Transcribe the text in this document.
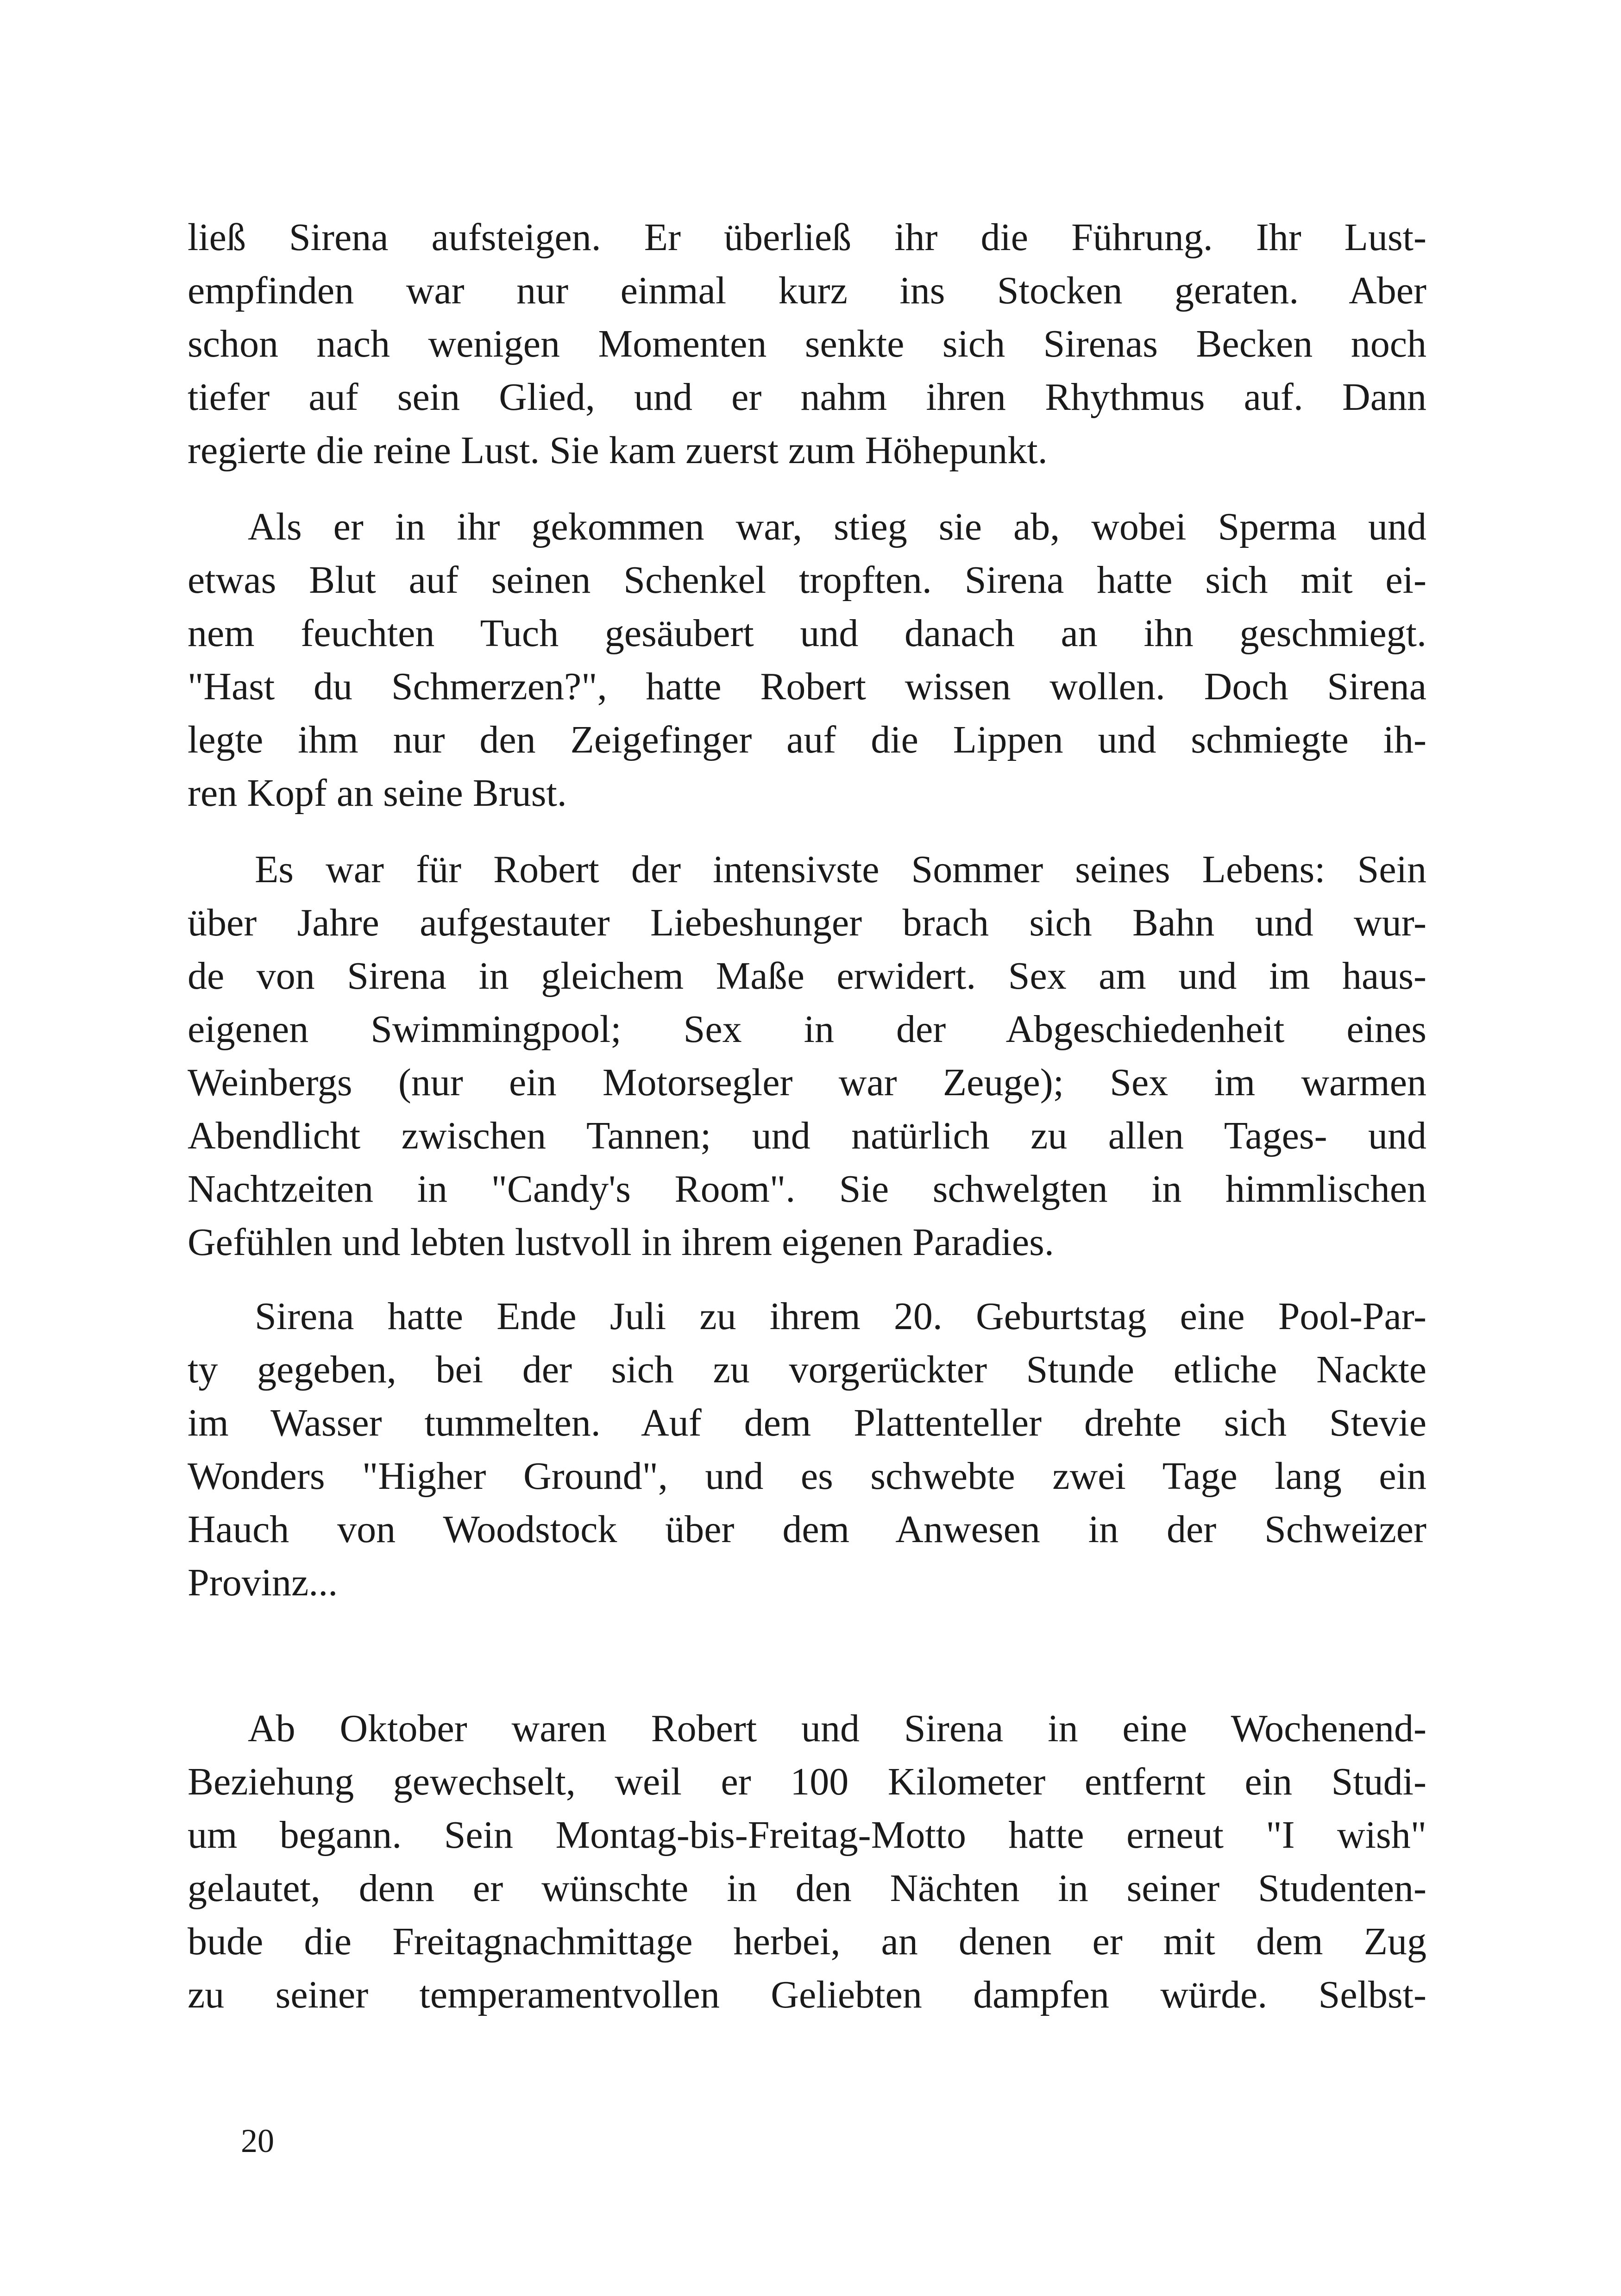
ließ Sirena aufsteigen. Er überließ ihr die Führung. Ihr Lust-
empfinden war nur einmal kurz ins Stocken geraten. Aber
schon nach wenigen Momenten senkte sich Sirenas Becken noch
tiefer auf sein Glied, und er nahm ihren Rhythmus auf. Dann
regierte die reine Lust. Sie kam zuerst zum Höhepunkt.
Als er in ihr gekommen war, stieg sie ab, wobei Sperma und
etwas Blut auf seinen Schenkel tropften. Sirena hatte sich mit ei-
nem feuchten Tuch gesäubert und danach an ihn geschmiegt.
"Hast du Schmerzen?", hatte Robert wissen wollen. Doch Sirena
legte ihm nur den Zeigefinger auf die Lippen und schmiegte ih-
ren Kopf an seine Brust.
Es war für Robert der intensivste Sommer seines Lebens: Sein
über Jahre aufgestauter Liebeshunger brach sich Bahn und wur-
de von Sirena in gleichem Maße erwidert. Sex am und im haus-
eigenen Swimmingpool; Sex in der Abgeschiedenheit eines
Weinbergs (nur ein Motorsegler war Zeuge); Sex im warmen
Abendlicht zwischen Tannen; und natürlich zu allen Tages- und
Nachtzeiten in "Candy's Room". Sie schwelgten in himmlischen
Gefühlen und lebten lustvoll in ihrem eigenen Paradies.
Sirena hatte Ende Juli zu ihrem 20. Geburtstag eine Pool-Par-
ty gegeben, bei der sich zu vorgerückter Stunde etliche Nackte
im Wasser tummelten. Auf dem Plattenteller drehte sich Stevie
Wonders "Higher Ground", und es schwebte zwei Tage lang ein
Hauch von Woodstock über dem Anwesen in der Schweizer
Provinz...
Ab Oktober waren Robert und Sirena in eine Wochenend-
Beziehung gewechselt, weil er 100 Kilometer entfernt ein Studi-
um begann. Sein Montag-bis-Freitag-Motto hatte erneut "I wish"
gelautet, denn er wünschte in den Nächten in seiner Studenten-
bude die Freitagnachmittage herbei, an denen er mit dem Zug
zu seiner temperamentvollen Geliebten dampfen würde. Selbst-
20
